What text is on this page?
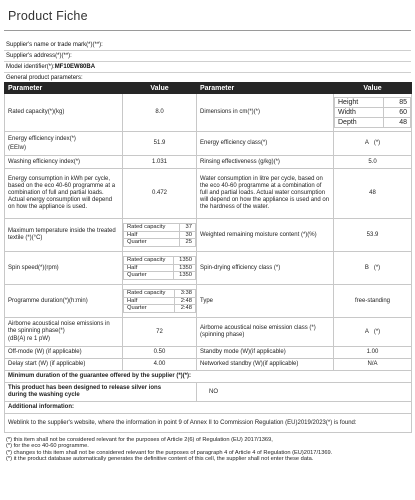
Product Fiche
Supplier's name or trade mark(*)(**):
Supplier's address(*)(**):
Model identifier(*):MF10EW80BA
General product parameters:
Parameter	Value	Parameter	Value
Rated capacity(*)(kg)	8.0	Dimensions in cm(*)(*)	
Height	85
Width	60
Depth	48

Energy efficiency index(*)
(EEIw)
	51.9	Energy efficiency class(*)	A (*)
Washing efficiency index(*)	1.031	Rinsing effectiveness (g/kg)(*)	5.0
Energy consumption in kWh per cycle, based on the eco 40-60 programme at a combination of full and partial loads. Actual energy consumption will depend on how the appliance is used.	0.472	Water consumption in litre per cycle, based on the eco 40-60 programme at a combination of full and partial loads. Actual water consumption will depend on how the appliance is used and on the hardness of the water.	48
Maximum temperature inside the treated textile (*)(°C)	
Rated capacity	37
Half	30
Quarter	25
	Weighted remaining moisture content (*)(%)	53.9
Spin speed(*)(rpm)	
Rated capacity	1350
Half	1350
Quarter	1350
	Spin-drying efficiency class (*)	B (*)
Programme duration(*)(h:min)	
Rated capacity	3:38
Half	2:48
Quarter	2:48
	Type	free-standing

Airborne acoustical noise emissions in the spinning phase(*)
(dB(A) re 1 pW)
	72	Airborne acoustical noise emission class (*)(spinning phase)	A (*)
Off-mode (W) (if applicable)	0.50	Standby mode (W)(if applicable)	1.00
Delay start (W) (if applicable)	4.00	Networked standby (W)(if applicable)	N/A
Minimum duration of the guarantee offered by the supplier (*)(*):
This product has been designed to release silver ions during the washing cycle	NO
Additional information:
Weblink to the supplier's website, where the information in point 9 of Annex II to Commission Regulation (EU)2019/2023(*) is found:
(*) this item shall not be considered relevant for the purposes of Article 2(6) of Regulation (EU) 2017/1369,
(*) for the eco 40-60 programme.
(*) changes to this item shall not be considered relevant for the purposes of paragraph 4 of Article 4 of Regulation (EU)2017/1369.
(*) it the product database automatically generates the definitive content of this cell, the supplier shall not enter these data.
